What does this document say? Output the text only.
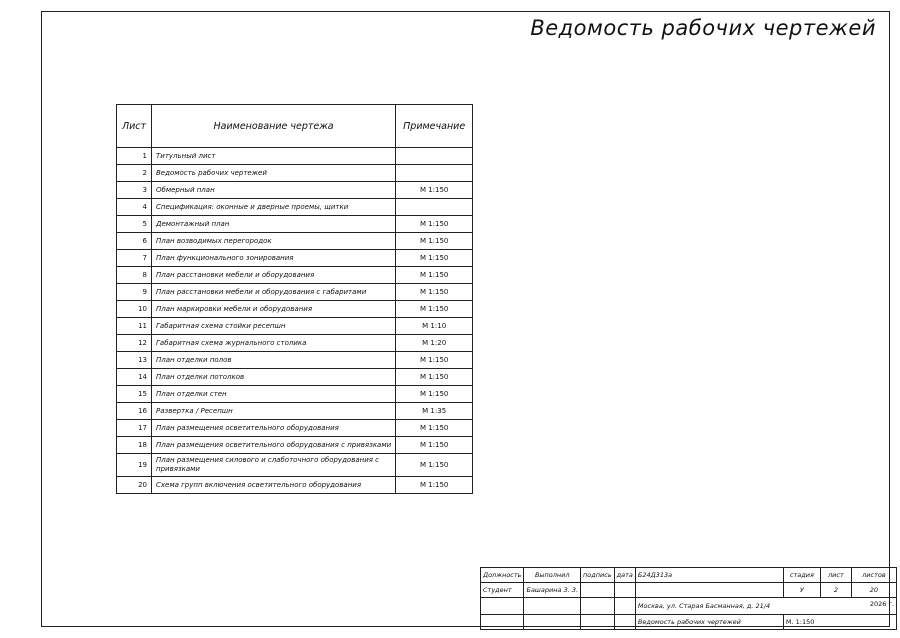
Ведомость рабочих чертежей
Лист	Наименование чертежа	Примечание
1	Титульный лист	
2	Ведомость рабочих чертежей	
3	Обмерный план	М 1:150
4	Спецификация: оконные и дверные проемы, щитки	
5	Демонтажный план	М 1:150
6	План возводимых перегородок	М 1:150
7	План функционального зонирования	М 1:150
8	План расстановки мебели и оборудования	М 1:150
9	План расстановки мебели и оборудования с габаритами	М 1:150
10	План маркировки мебели и оборудования	М 1:150
11	Габаритная схема стойки ресепшн	М 1:10
12	Габаритная схема журнального столика	М 1:20
13	План отделки полов	М 1:150
14	План отделки потолков	М 1:150
15	План отделки стен	М 1:150
16	Развертка / Ресепшн	М 1:35
17	План размещения осветительного оборудования	М 1:150
18	План размещения осветительного оборудования с привязками	М 1:150
19	План размещения силового и слаботочного оборудования с привязками	М 1:150
20	Схема групп включения осветительного оборудования	М 1:150
Должность	Выполнил	подпись	дата	Б24Д313а	стадия	лист	листов
Студент	Башарина З. З.				У	2	20
				Москва, ул. Старая Басманная, д. 21/4 2026 г.			

				Ведомость рабочих чертежей	М. 1:150		
